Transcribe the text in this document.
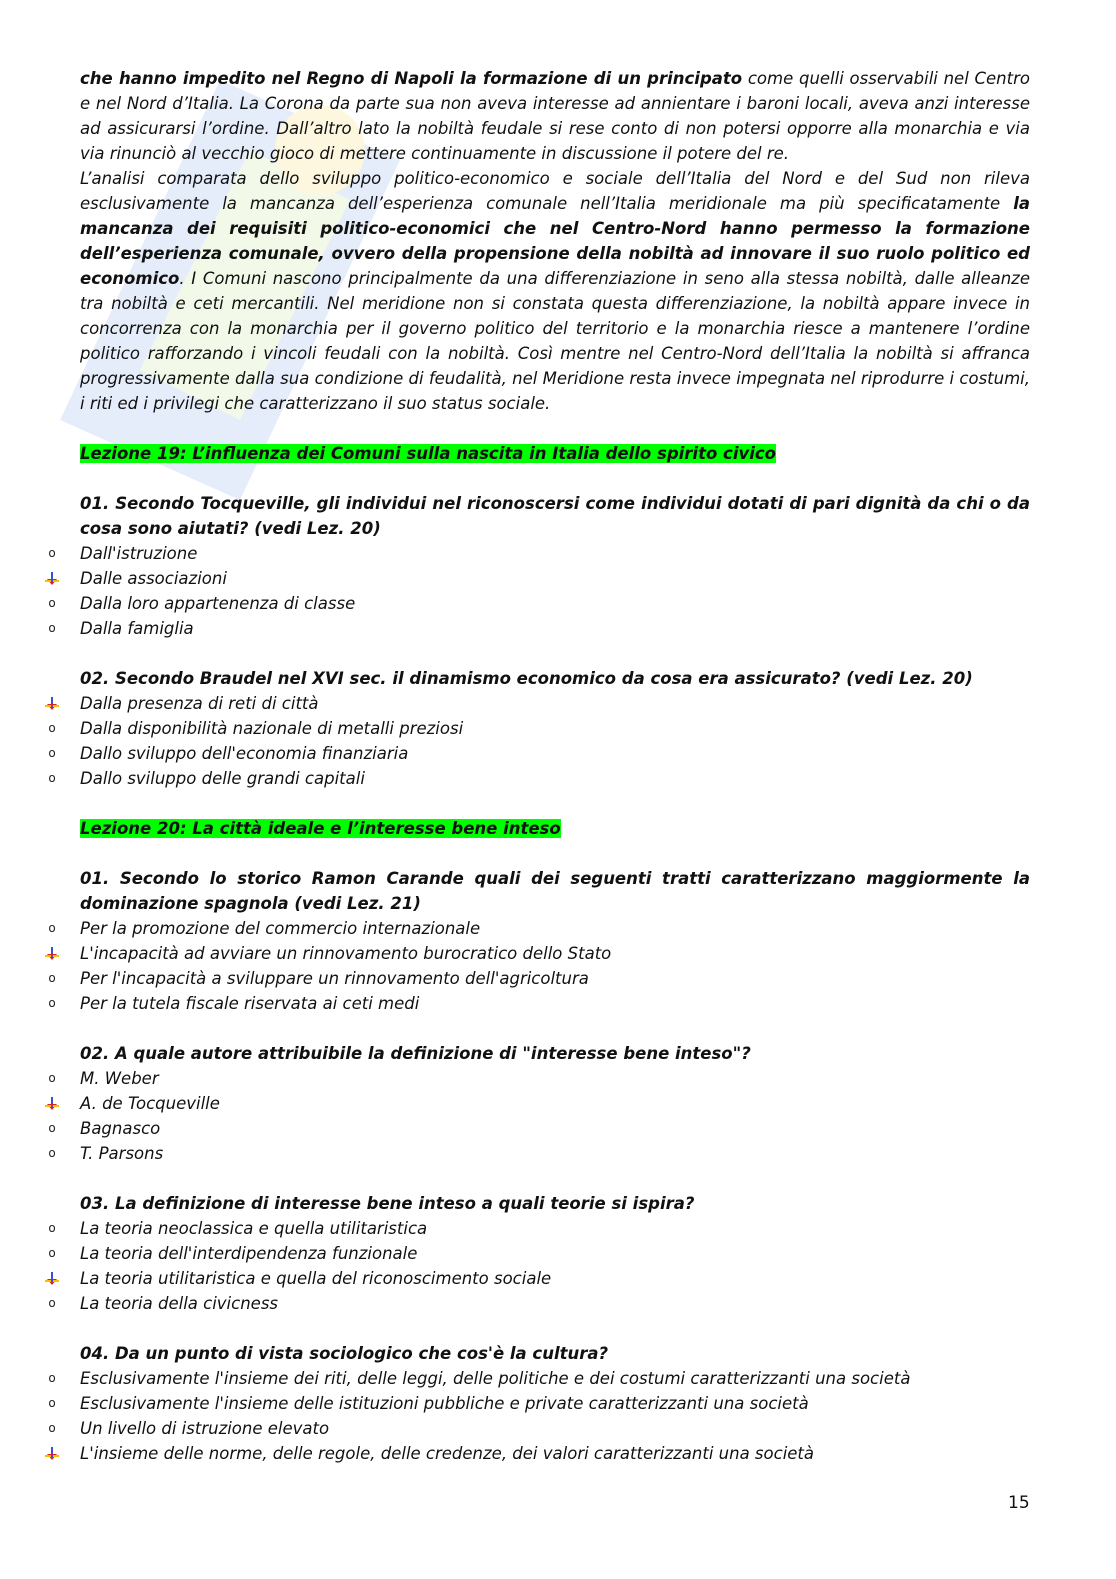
che hanno impedito nel Regno di Napoli la formazione di un principato come quelli osservabili nel Centro e nel Nord d’Italia. La Corona da parte sua non aveva interesse ad annientare i baroni locali, aveva anzi interesse ad assicurarsi l’ordine. Dall’altro lato la nobiltà feudale si rese conto di non potersi opporre alla monarchia e via via rinunciò al vecchio gioco di mettere continuamente in discussione il potere del re.

L’analisi comparata dello sviluppo politico-economico e sociale dell’Italia del Nord e del Sud non rileva esclusivamente la mancanza dell’esperienza comunale nell’Italia meridionale ma più specificatamente la mancanza dei requisiti politico-economici che nel Centro-Nord hanno permesso la formazione dell’esperienza comunale, ovvero della propensione della nobiltà ad innovare il suo ruolo politico ed economico. I Comuni nascono principalmente da una differenziazione in seno alla stessa nobiltà, dalle alleanze tra nobiltà e ceti mercantili. Nel meridione non si constata questa differenziazione, la nobiltà appare invece in concorrenza con la monarchia per il governo politico del territorio e la monarchia riesce a mantenere l’ordine politico rafforzando i vincoli feudali con la nobiltà. Così mentre nel Centro-Nord dell’Italia la nobiltà si affranca progressivamente dalla sua condizione di feudalità, nel Meridione resta invece impegnata nel riprodurre i costumi, i riti ed i privilegi che caratterizzano il suo status sociale.

Lezione 19: L’influenza dei Comuni sulla nascita in Italia dello spirito civico

01. Secondo Tocqueville, gli individui nel riconoscersi come individui dotati di pari dignità da chi o da cosa sono aiutati? (vedi Lez. 20)

o Dall'istruzione
Dalle associazioni
o Dalla loro appartenenza di classe
o Dalla famiglia

02. Secondo Braudel nel XVI sec. il dinamismo economico da cosa era assicurato? (vedi Lez. 20)

Dalla presenza di reti di città
o Dalla disponibilità nazionale di metalli preziosi
o Dallo sviluppo dell'economia finanziaria
o Dallo sviluppo delle grandi capitali

Lezione 20: La città ideale e l’interesse bene inteso

01. Secondo lo storico Ramon Carande quali dei seguenti tratti caratterizzano maggiormente la dominazione spagnola (vedi Lez. 21)

o Per la promozione del commercio internazionale
L'incapacità ad avviare un rinnovamento burocratico dello Stato
o Per l'incapacità a sviluppare un rinnovamento dell'agricoltura
o Per la tutela fiscale riservata ai ceti medi

02. A quale autore attribuibile la definizione di "interesse bene inteso"?

o M. Weber
A. de Tocqueville
o Bagnasco
o T. Parsons

03. La definizione di interesse bene inteso a quali teorie si ispira?

o La teoria neoclassica e quella utilitaristica
o La teoria dell'interdipendenza funzionale
La teoria utilitaristica e quella del riconoscimento sociale
o La teoria della civicness

04. Da un punto di vista sociologico che cos'è la cultura?

o Esclusivamente l'insieme dei riti, delle leggi, delle politiche e dei costumi caratterizzanti una società
o Esclusivamente l'insieme delle istituzioni pubbliche e private caratterizzanti una società
o Un livello di istruzione elevato
L'insieme delle norme, delle regole, delle credenze, dei valori caratterizzanti una società
15
